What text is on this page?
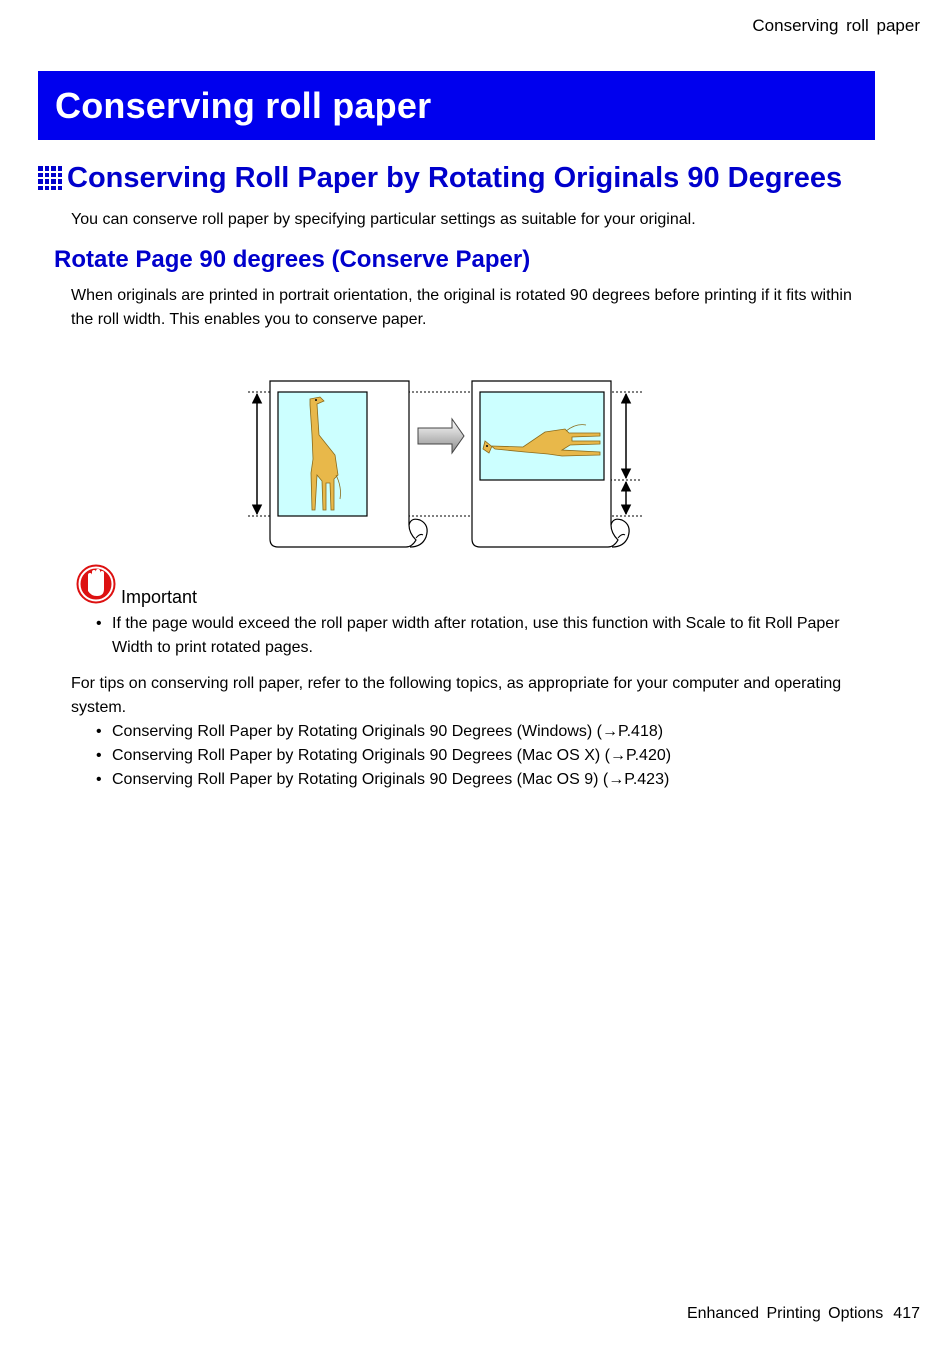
Conserving roll paper
Conserving roll paper
Conserving Roll Paper by Rotating Originals 90 Degrees
You can conserve roll paper by specifying particular settings as suitable for your original.
Rotate Page 90 degrees (Conserve Paper)
When originals are printed in portrait orientation, the original is rotated 90 degrees before printing if it fits within the roll width. This enables you to conserve paper.
Important
• If the page would exceed the roll paper width after rotation, use this function with Scale to fit Roll Paper Width to print rotated pages.
For tips on conserving roll paper, refer to the following topics, as appropriate for your computer and operating system.
• Conserving Roll Paper by Rotating Originals 90 Degrees (Windows) (→P.418)
• Conserving Roll Paper by Rotating Originals 90 Degrees (Mac OS X) (→P.420)
• Conserving Roll Paper by Rotating Originals 90 Degrees (Mac OS 9) (→P.423)
Enhanced Printing Options 417
